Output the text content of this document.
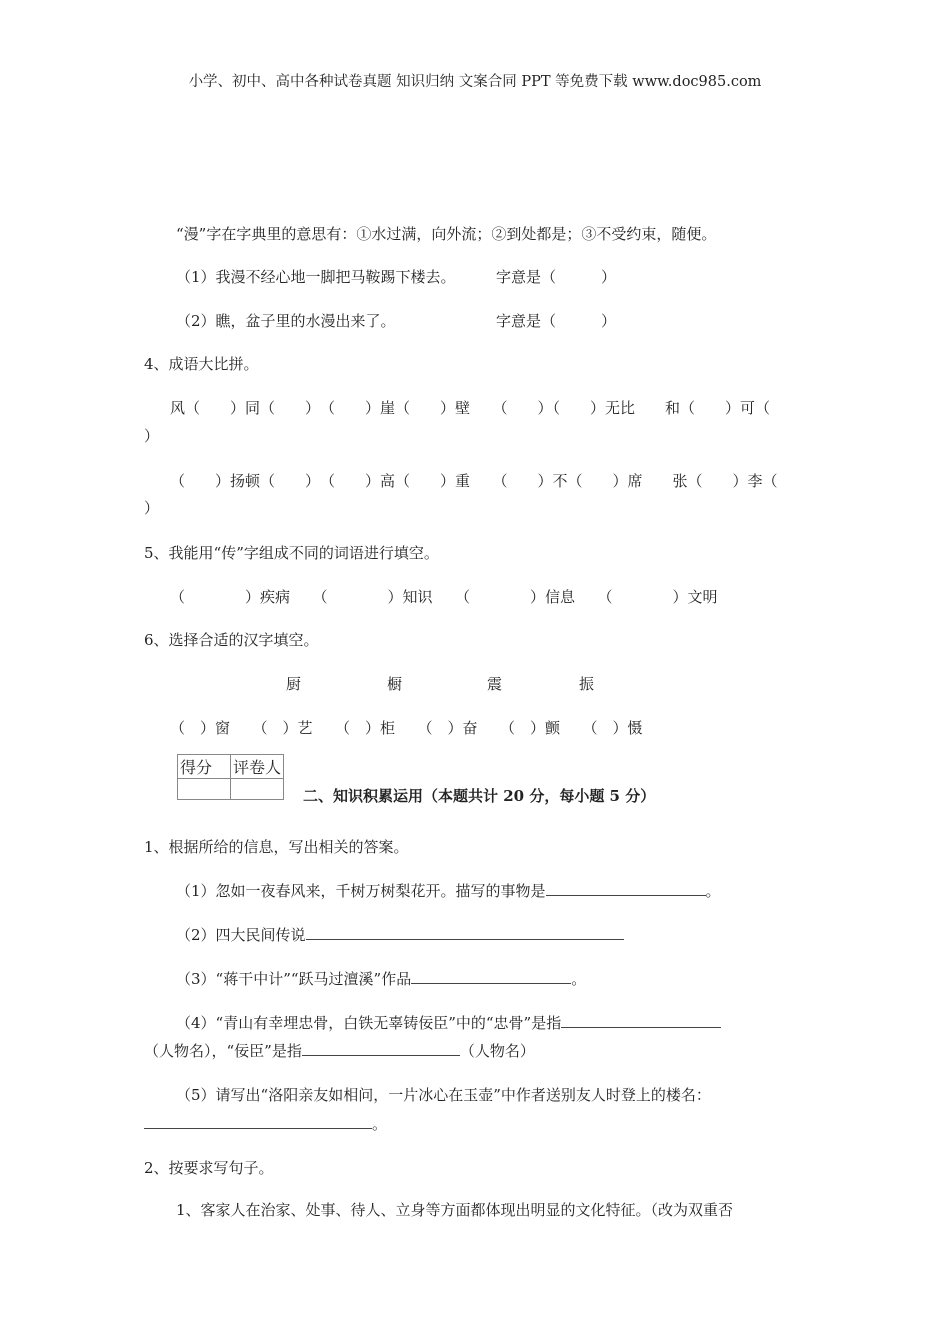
小学、初中、高中各种试卷真题 知识归纳 文案合同 PPT 等免费下载 www.doc985.com
“漫”字在字典里的意思有：①水过满，向外流；②到处都是；③不受约束，随便。
（1）我漫不经心地一脚把马鞍踢下楼去。	字意是（　　　）
（2）瞧，盆子里的水漫出来了。	字意是（　　　）
4、成语大比拼。
风（　　）同（　　）　（　　）崖（　　）壁　　（　　）（　　）无比　　和（　　）可（
）
（　　）扬顿（　　）　（　　）高（　　）重　　（　　）不（　　）席　　张（　　）李（
）
5、我能用“传”字组成不同的词语进行填空。
（　　　　）疾病　　（　　　　）知识　　（　　　　）信息　　（　　　　）文明
6、选择合适的汉字填空。
厨	橱	震	振
（　）窗　　（　）艺　　（　）柜　　（　）奋　　（　）颤　　（　）慑
得分	评卷人

二、知识积累运用（本题共计 20 分，每小题 5 分）
1、根据所给的信息，写出相关的答案。
（1）忽如一夜春风来，千树万树梨花开。描写的事物是	。
（2）四大民间传说
（3）“蒋干中计”“跃马过澶溪”作品	。
（4）“青山有幸埋忠骨，白铁无辜铸佞臣”中的“忠骨”是指
（人物名），“佞臣”是指	（人物名）
（5）请写出“洛阳亲友如相问，一片冰心在玉壶”中作者送别友人时登上的楼名：
。
2、按要求写句子。
1、客家人在治家、处事、待人、立身等方面都体现出明显的文化特征。（改为双重否
